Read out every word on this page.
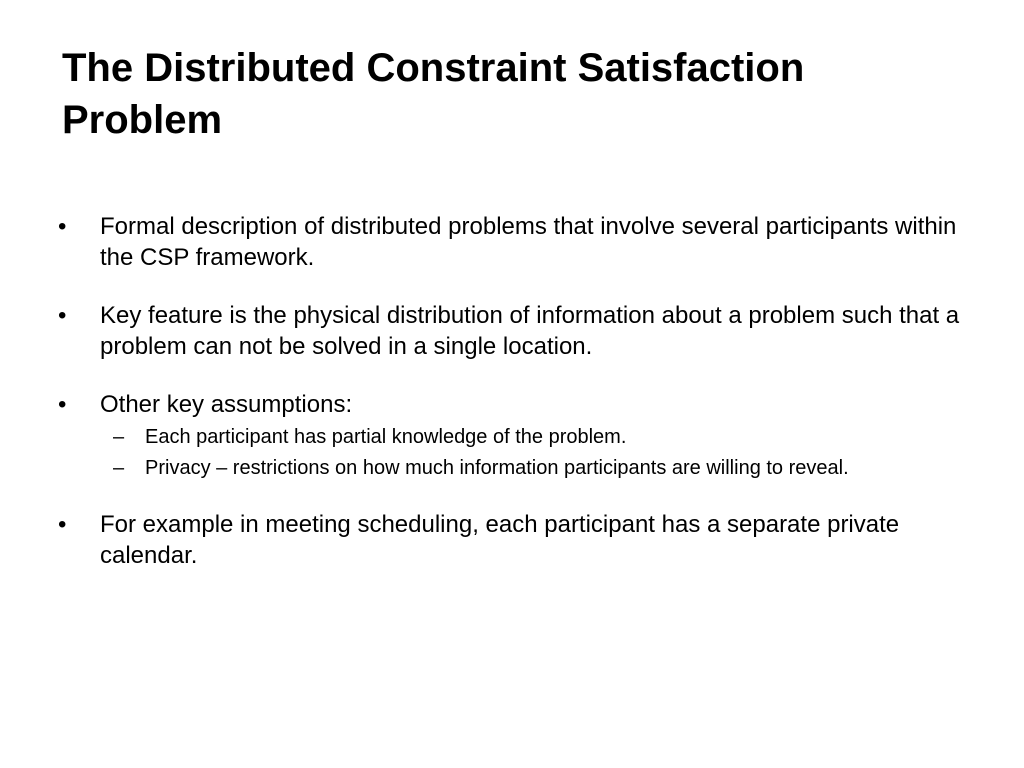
The Distributed Constraint Satisfaction Problem
•	Formal description of distributed problems that involve several participants within the CSP framework.
•	Key feature is the physical distribution of information about a problem such that a problem can not be solved in a single location.
•	Other key assumptions:
– Each participant has partial knowledge of the problem.
– Privacy – restrictions on how much information participants are willing to reveal.
•	For example in meeting scheduling, each participant has a separate private calendar.
